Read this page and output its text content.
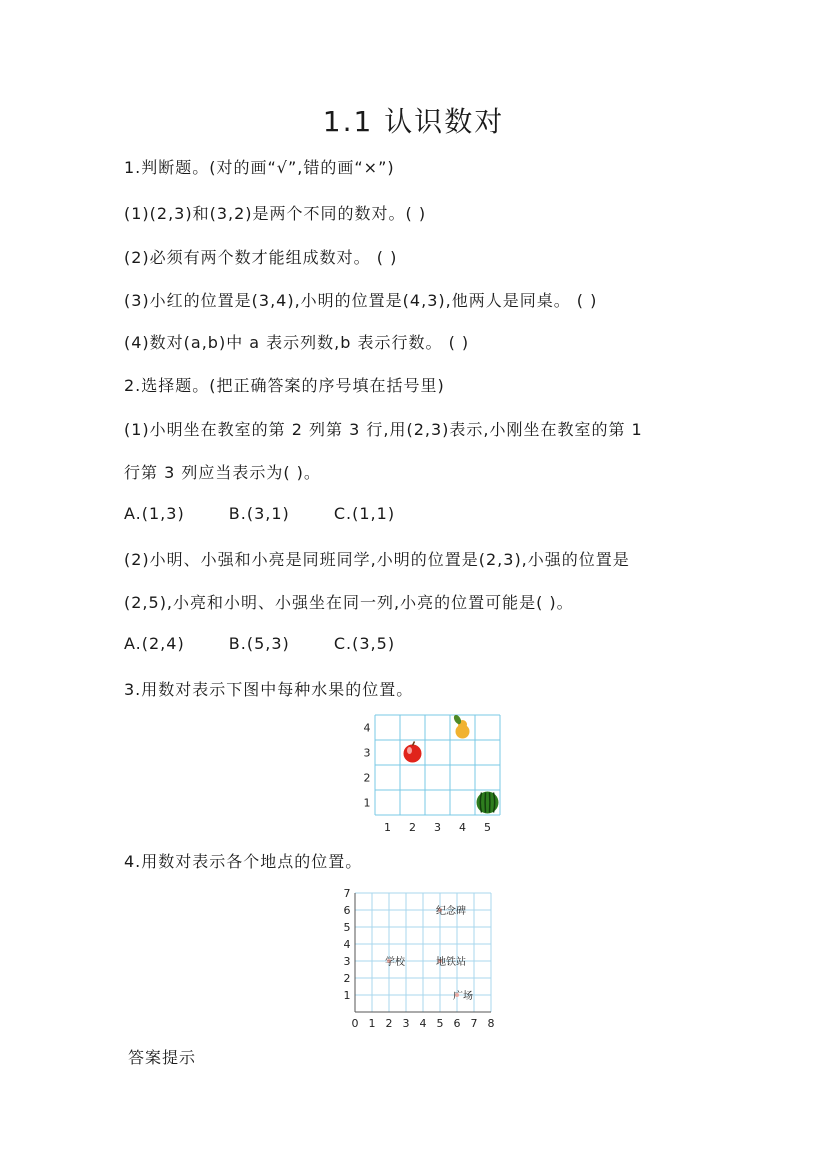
1.1 认识数对
1.判断题。(对的画“√”,错的画“×”)
(1)(2,3)和(3,2)是两个不同的数对。( )
(2)必须有两个数才能组成数对。 ( )
(3)小红的位置是(3,4),小明的位置是(4,3),他两人是同桌。 ( )
(4)数对(a,b)中 a 表示列数,b 表示行数。 ( )
2.选择题。(把正确答案的序号填在括号里)
(1)小明坐在教室的第 2 列第 3 行,用(2,3)表示,小刚坐在教室的第 1
行第 3 列应当表示为( )。
A.(1,3)	B.(3,1)	C.(1,1)
(2)小明、小强和小亮是同班同学,小明的位置是(2,3),小强的位置是
(2,5),小亮和小明、小强坐在同一列,小亮的位置可能是( )。
A.(2,4)	B.(5,3)	C.(3,5)
3.用数对表示下图中每种水果的位置。
1 2 3 4 5
1
2
3
4
4.用数对表示各个地点的位置。
0 1 2 3 4 5 6 7 8
1
2
3
4
5
6
7
纪念碑
学校	地铁站
广场
答案提示
